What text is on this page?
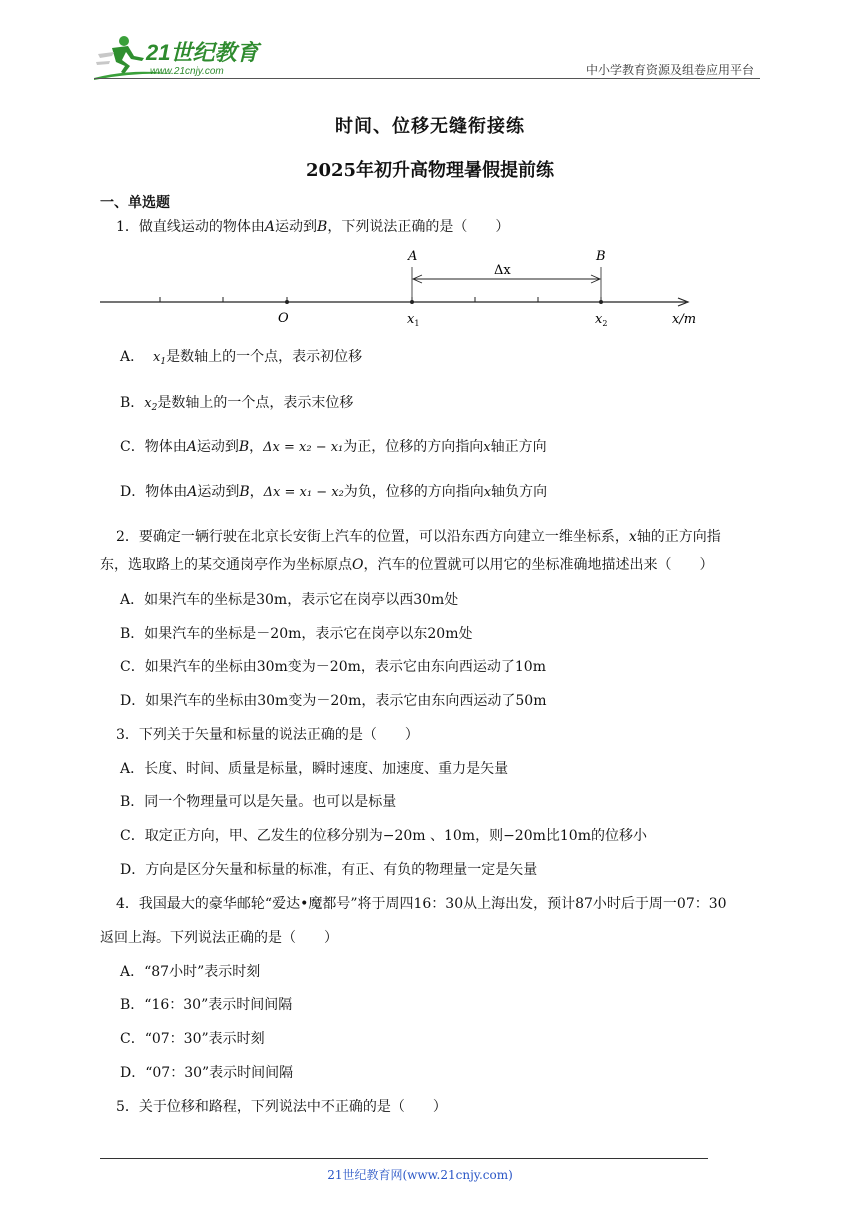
21世纪教育
www.21cnjy.com	中小学教育资源及组卷应用平台
时间、位移无缝衔接练
2025年初升高物理暑假提前练
一、单选题
1．做直线运动的物体由A运动到B，下列说法正确的是（　　）
A	B
Δx
O	$x_1$	$x_2$	x/m
A． $x_1$是数轴上的一个点，表示初位移
B．$x_2$是数轴上的一个点，表示末位移
C．物体由A运动到B，Δx = x₂ − x₁为正，位移的方向指向x轴正方向
D．物体由A运动到B，Δx = x₁ − x₂为负，位移的方向指向x轴负方向
2．要确定一辆行驶在北京长安街上汽车的位置，可以沿东西方向建立一维坐标系，x轴的正方向指
东，选取路上的某交通岗亭作为坐标原点O，汽车的位置就可以用它的坐标准确地描述出来（　　）
A．如果汽车的坐标是30m，表示它在岗亭以西30m处
B．如果汽车的坐标是－20m，表示它在岗亭以东20m处
C．如果汽车的坐标由30m变为－20m，表示它由东向西运动了10m
D．如果汽车的坐标由30m变为－20m，表示它由东向西运动了50m
3．下列关于矢量和标量的说法正确的是（　　）
A．长度、时间、质量是标量，瞬时速度、加速度、重力是矢量
B．同一个物理量可以是矢量。也可以是标量
C．取定正方向，甲、乙发生的位移分别为−20m 、10m，则−20m比10m的位移小
D．方向是区分矢量和标量的标准，有正、有负的物理量一定是矢量
4．我国最大的豪华邮轮“爱达•魔都号”将于周四16：30从上海出发，预计87小时后于周一07：30
返回上海。下列说法正确的是（　　）
A．“87小时”表示时刻
B．“16：30”表示时间间隔
C．“07：30”表示时刻
D．“07：30”表示时间间隔
5．关于位移和路程，下列说法中不正确的是（　　）
21世纪教育网(www.21cnjy.com)
